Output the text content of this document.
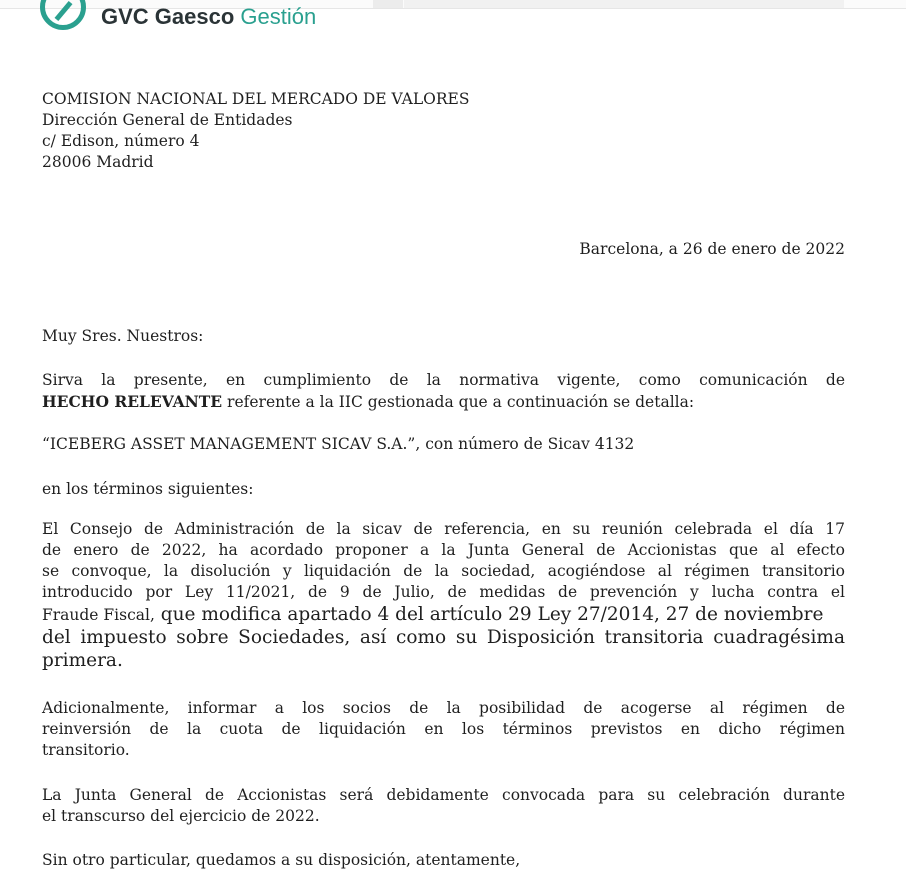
GVC Gaesco Gestión
COMISION NACIONAL DEL MERCADO DE VALORES
Dirección General de Entidades
c/ Edison, número 4
28006 Madrid
Barcelona, a 26 de enero de 2022
Muy Sres. Nuestros:
Sirva la presente, en cumplimiento de la normativa vigente, como comunicación de
HECHO RELEVANTE referente a la IIC gestionada que a continuación se detalla:
“ICEBERG ASSET MANAGEMENT SICAV S.A.”, con número de Sicav 4132
en los términos siguientes:
El Consejo de Administración de la sicav de referencia, en su reunión celebrada el día 17
de enero de 2022, ha acordado proponer a la Junta General de Accionistas que al efecto
se convoque, la disolución y liquidación de la sociedad, acogiéndose al régimen transitorio
introducido por Ley 11/2021, de 9 de Julio, de medidas de prevención y lucha contra el
Fraude Fiscal, que modifica apartado 4 del artículo 29 Ley 27/2014, 27 de noviembre
del impuesto sobre Sociedades, así como su Disposición transitoria cuadragésima
primera.
Adicionalmente, informar a los socios de la posibilidad de acogerse al régimen de
reinversión de la cuota de liquidación en los términos previstos en dicho régimen
transitorio.
La Junta General de Accionistas será debidamente convocada para su celebración durante
el transcurso del ejercicio de 2022.
Sin otro particular, quedamos a su disposición, atentamente,
